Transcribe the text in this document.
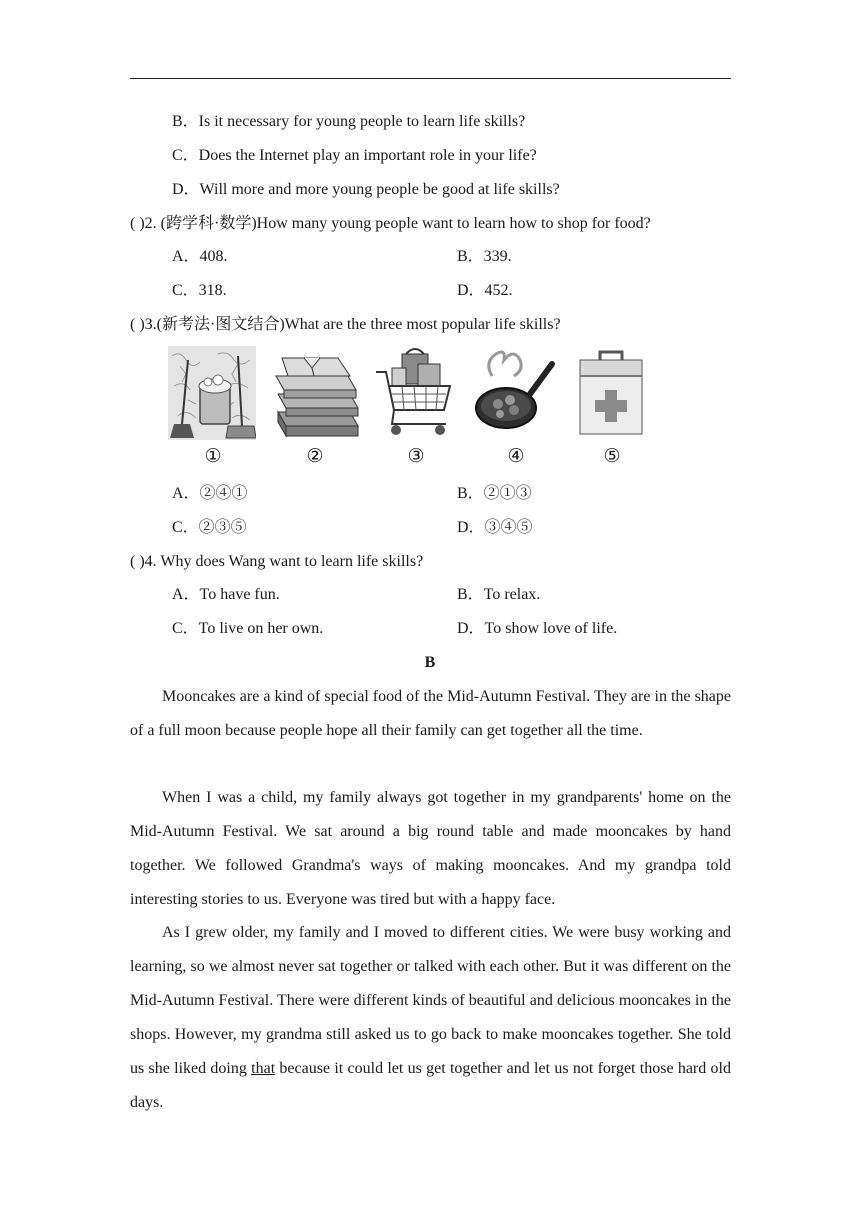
B．Is it necessary for young people to learn life skills?
C．Does the Internet play an important role in your life?
D．Will more and more young people be good at life skills?
( )2. (跨学科·数学)How many young people want to learn how to shop for food?
A．408.	B．339.
C．318.	D．452.
( )3.(新考法·图文结合)What are the three most popular life skills?
①	②	③	④	⑤
A．②④①	B．②①③
C．②③⑤	D．③④⑤
( )4. Why does Wang want to learn life skills?
A．To have fun.	B．To relax.
C．To live on her own.	D．To show love of life.
B
Mooncakes are a kind of special food of the Mid-Autumn Festival. They are in the shape of a full moon because people hope all their family can get together all the time.
When I was a child, my family always got together in my grandparents' home on the Mid-Autumn Festival. We sat around a big round table and made mooncakes by hand together. We followed Grandma's ways of making mooncakes. And my grandpa told interesting stories to us. Everyone was tired but with a happy face.
As I grew older, my family and I moved to different cities. We were busy working and learning, so we almost never sat together or talked with each other. But it was different on the Mid-Autumn Festival. There were different kinds of beautiful and delicious mooncakes in the shops. However, my grandma still asked us to go back to make mooncakes together. She told us she liked doing that because it could let us get together and let us not forget those hard old days.
